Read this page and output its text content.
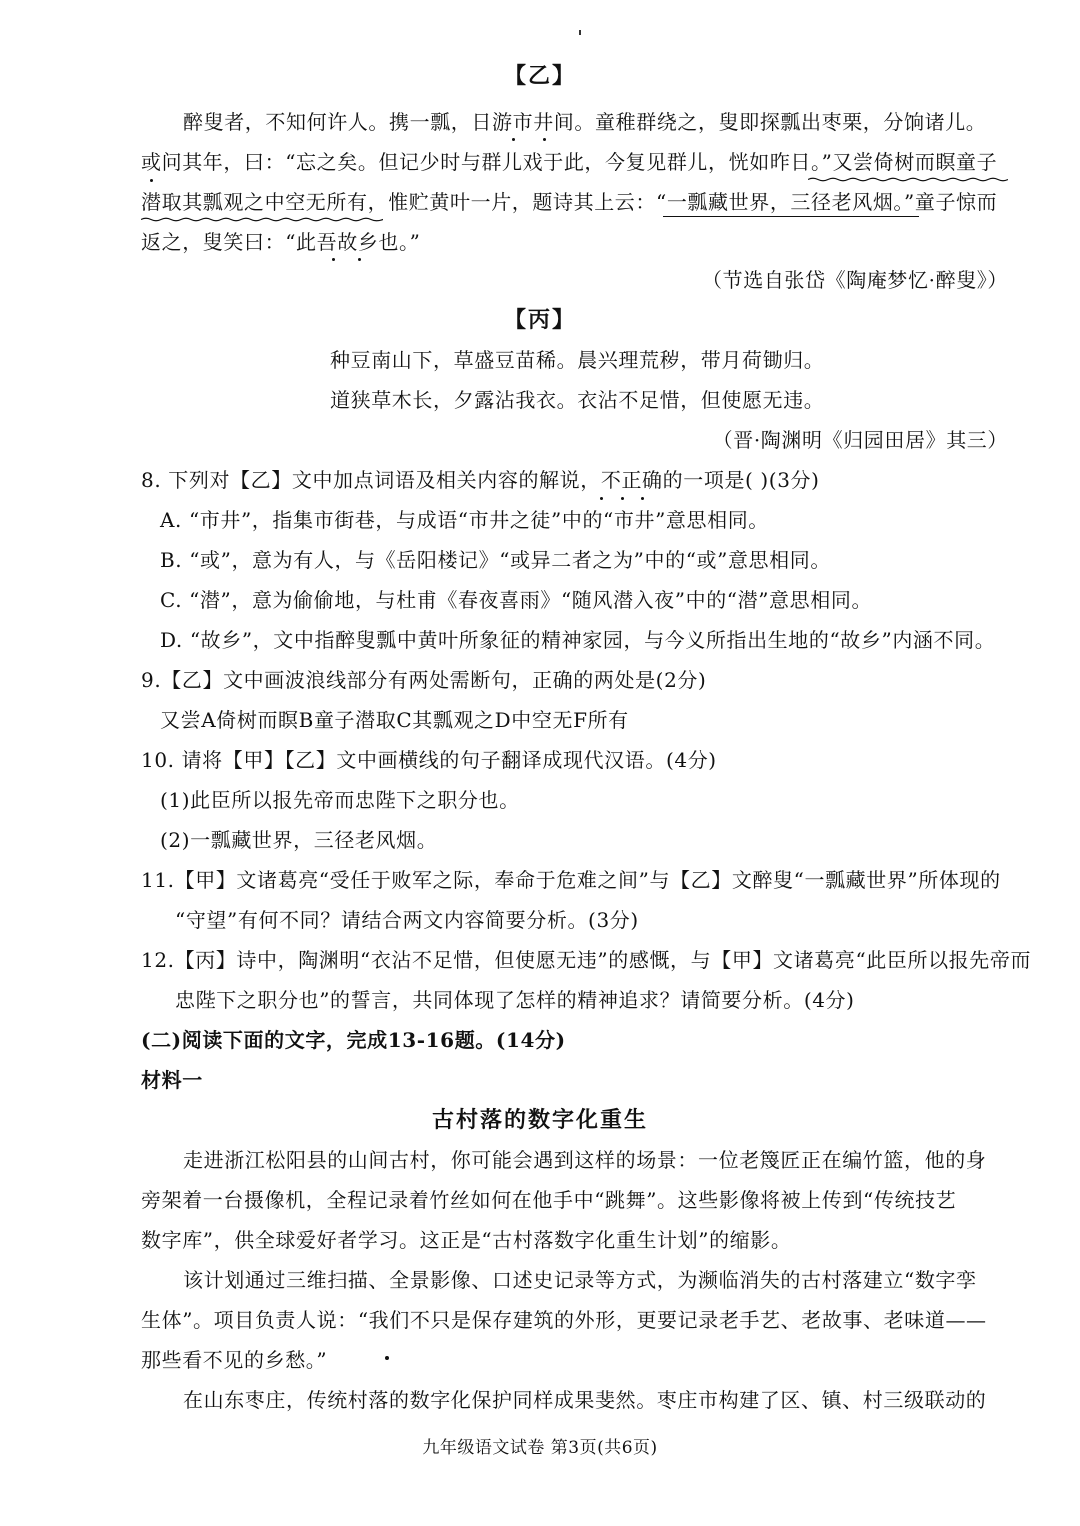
【乙】
醉叟者，不知何许人。携一瓢，日游市井间。童稚群绕之，叟即探瓢出枣栗，分饷诸儿。
或问其年，曰：“忘之矣。但记少时与群儿戏于此，今复见群儿，恍如昨日。”又尝倚树而瞑童子
潜取其瓢观之中空无所有，惟贮黄叶一片，题诗其上云：“一瓢藏世界，三径老风烟。”童子惊而
返之，叟笑曰：“此吾故乡也。”
（节选自张岱《陶庵梦忆·醉叟》）
【丙】
种豆南山下，草盛豆苗稀。晨兴理荒秽，带月荷锄归。
道狭草木长，夕露沾我衣。衣沾不足惜，但使愿无违。
（晋·陶渊明《归园田居》其三）
8. 下列对【乙】文中加点词语及相关内容的解说，不正确的一项是( )(3分)
A. “市井”，指集市街巷，与成语“市井之徒”中的“市井”意思相同。
B. “或”，意为有人，与《岳阳楼记》“或异二者之为”中的“或”意思相同。
C. “潜”，意为偷偷地，与杜甫《春夜喜雨》“随风潜入夜”中的“潜”意思相同。
D. “故乡”，文中指醉叟瓢中黄叶所象征的精神家园，与今义所指出生地的“故乡”内涵不同。
9.【乙】文中画波浪线部分有两处需断句，正确的两处是(2分)
又尝A倚树而瞑B童子潜取C其瓢观之D中空无F所有
10. 请将【甲】【乙】文中画横线的句子翻译成现代汉语。(4分)
(1)此臣所以报先帝而忠陛下之职分也。
(2)一瓢藏世界，三径老风烟。
11.【甲】文诸葛亮“受任于败军之际，奉命于危难之间”与【乙】文醉叟“一瓢藏世界”所体现的
“守望”有何不同？请结合两文内容简要分析。(3分)
12.【丙】诗中，陶渊明“衣沾不足惜，但使愿无违”的感慨，与【甲】文诸葛亮“此臣所以报先帝而
忠陛下之职分也”的誓言，共同体现了怎样的精神追求？请简要分析。(4分)
(二)阅读下面的文字，完成13-16题。(14分)
材料一
古村落的数字化重生
走进浙江松阳县的山间古村，你可能会遇到这样的场景：一位老篾匠正在编竹篮，他的身
旁架着一台摄像机，全程记录着竹丝如何在他手中“跳舞”。这些影像将被上传到“传统技艺
数字库”，供全球爱好者学习。这正是“古村落数字化重生计划”的缩影。
该计划通过三维扫描、全景影像、口述史记录等方式，为濒临消失的古村落建立“数字孪
生体”。项目负责人说：“我们不只是保存建筑的外形，更要记录老手艺、老故事、老味道——
那些看不见的乡愁。”
在山东枣庄，传统村落的数字化保护同样成果斐然。枣庄市构建了区、镇、村三级联动的
九年级语文试卷 第3页(共6页)
